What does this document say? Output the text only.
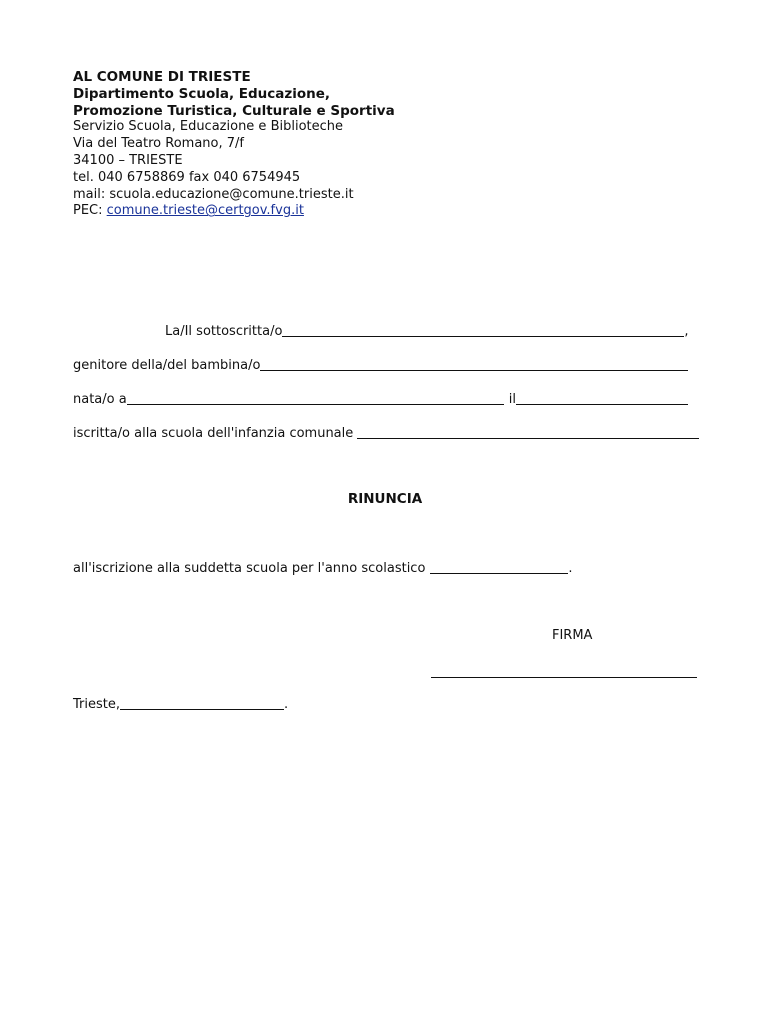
AL COMUNE DI TRIESTE
Dipartimento Scuola, Educazione,
Promozione Turistica, Culturale e Sportiva
Servizio Scuola, Educazione e Biblioteche
Via del Teatro Romano, 7/f
34100 – TRIESTE
tel. 040 6758869 fax 040 6754945
mail: scuola.educazione@comune.trieste.it
PEC: comune.trieste@certgov.fvg.it
La/Il sottoscritta/o	,
genitore della/del bambina/o
nata/o a	il
iscritta/o alla scuola dell'infanzia comunale
RINUNCIA
all'iscrizione alla suddetta scuola per l'anno scolastico	.
FIRMA
Trieste,	.
